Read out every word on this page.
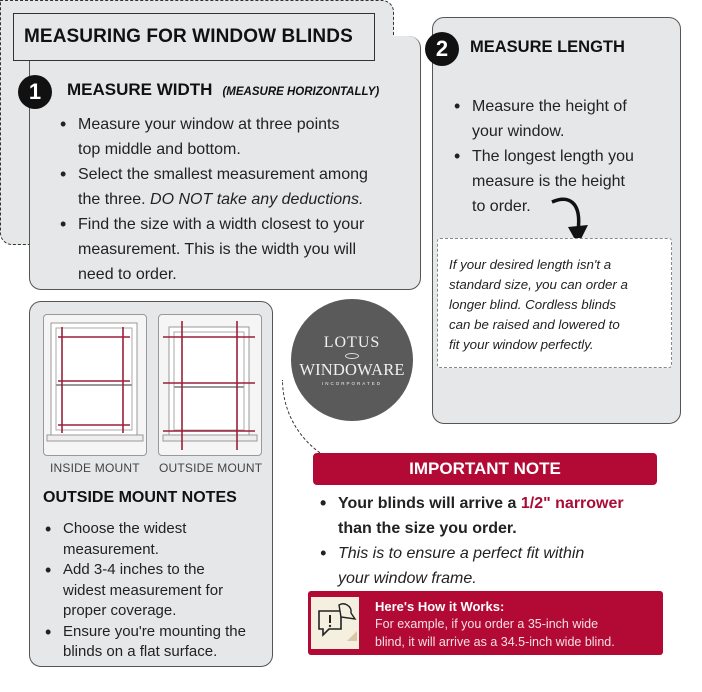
MEASURING FOR WINDOW BLINDS
1	MEASURE WIDTH (MEASURE HORIZONTALLY)
• Measure your window at three points
top middle and bottom.
• Select the smallest measurement among
the three. DO NOT take any deductions.
• Find the size with a width closest to your
measurement. This is the width you will
need to order.
2	MEASURE LENGTH
• Measure the height of
your window.
• The longest length you
measure is the height
to order.

If your desired length isn't a
standard size, you can order a
longer blind. Cordless blinds
can be raised and lowered to
fit your window perfectly.

INSIDE MOUNT OUTSIDE MOUNT
OUTSIDE MOUNT NOTES
• Choose the widest
measurement.
• Add 3-4 inches to the
widest measurement for
proper coverage.
• Ensure you're mounting the
blinds on a flat surface.
LOTUS
WINDOWARE
INCORPORATED
IMPORTANT NOTE
• Your blinds will arrive a 1/2" narrower
than the size you order.
• This is to ensure a perfect fit within
your window frame.
Here's How it Works:
For example, if you order a 35-inch wide
blind, it will arrive as a 34.5-inch wide blind.
